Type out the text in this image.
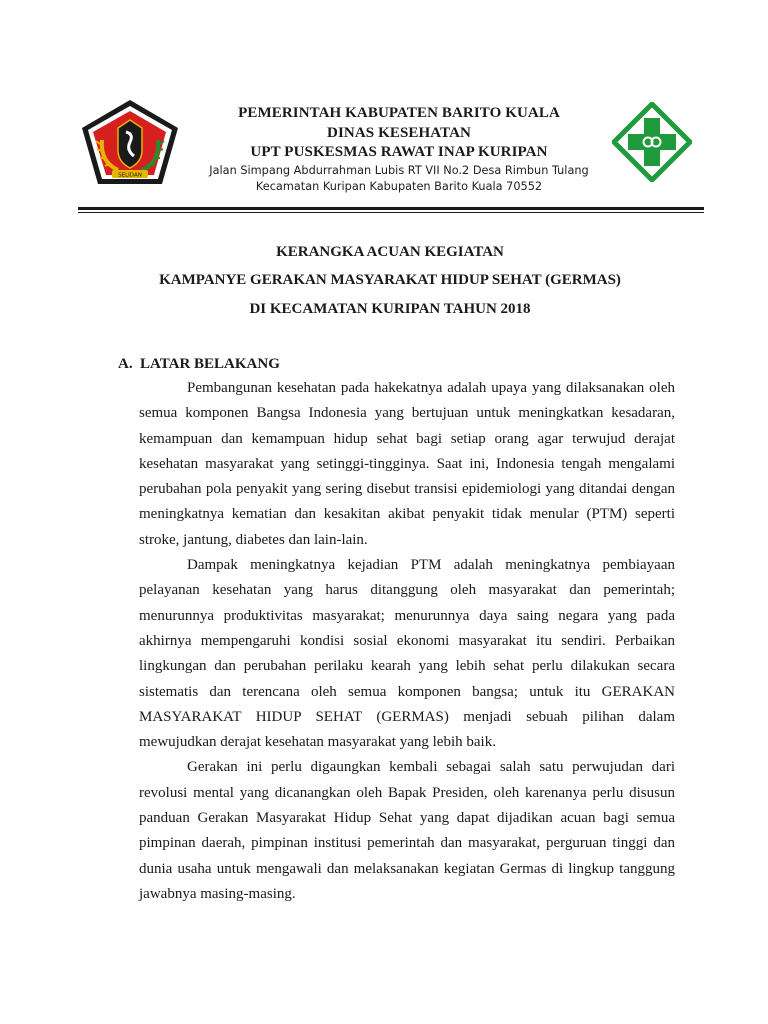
SELIDAN
PEMERINTAH KABUPATEN BARITO KUALA
DINAS KESEHATAN
UPT PUSKESMAS RAWAT INAP KURIPAN
Jalan Simpang Abdurrahman Lubis RT VII No.2 Desa Rimbun Tulang
Kecamatan Kuripan Kabupaten Barito Kuala 70552
KERANGKA ACUAN KEGIATAN
KAMPANYE GERAKAN MASYARAKAT HIDUP SEHAT (GERMAS)
DI KECAMATAN KURIPAN TAHUN 2018
A. LATAR BELAKANG

Pembangunan kesehatan pada hakekatnya adalah upaya yang dilaksanakan oleh semua komponen Bangsa Indonesia yang bertujuan untuk meningkatkan kesadaran, kemampuan dan kemampuan hidup sehat bagi setiap orang agar terwujud derajat kesehatan masyarakat yang setinggi-tingginya. Saat ini, Indonesia tengah mengalami perubahan pola penyakit yang sering disebut transisi epidemiologi yang ditandai dengan meningkatnya kematian dan kesakitan akibat penyakit tidak menular (PTM) seperti stroke, jantung, diabetes dan lain-lain.

Dampak meningkatnya kejadian PTM adalah meningkatnya pembiayaan pelayanan kesehatan yang harus ditanggung oleh masyarakat dan pemerintah; menurunnya produktivitas masyarakat; menurunnya daya saing negara yang pada akhirnya mempengaruhi kondisi sosial ekonomi masyarakat itu sendiri. Perbaikan lingkungan dan perubahan perilaku kearah yang lebih sehat perlu dilakukan secara sistematis dan terencana oleh semua komponen bangsa; untuk itu GERAKAN MASYARAKAT HIDUP SEHAT (GERMAS) menjadi sebuah pilihan dalam mewujudkan derajat kesehatan masyarakat yang lebih baik.

Gerakan ini perlu digaungkan kembali sebagai salah satu perwujudan dari revolusi mental yang dicanangkan oleh Bapak Presiden, oleh karenanya perlu disusun panduan Gerakan Masyarakat Hidup Sehat yang dapat dijadikan acuan bagi semua pimpinan daerah, pimpinan institusi pemerintah dan masyarakat, perguruan tinggi dan dunia usaha untuk mengawali dan melaksanakan kegiatan Germas di lingkup tanggung jawabnya masing-masing.
